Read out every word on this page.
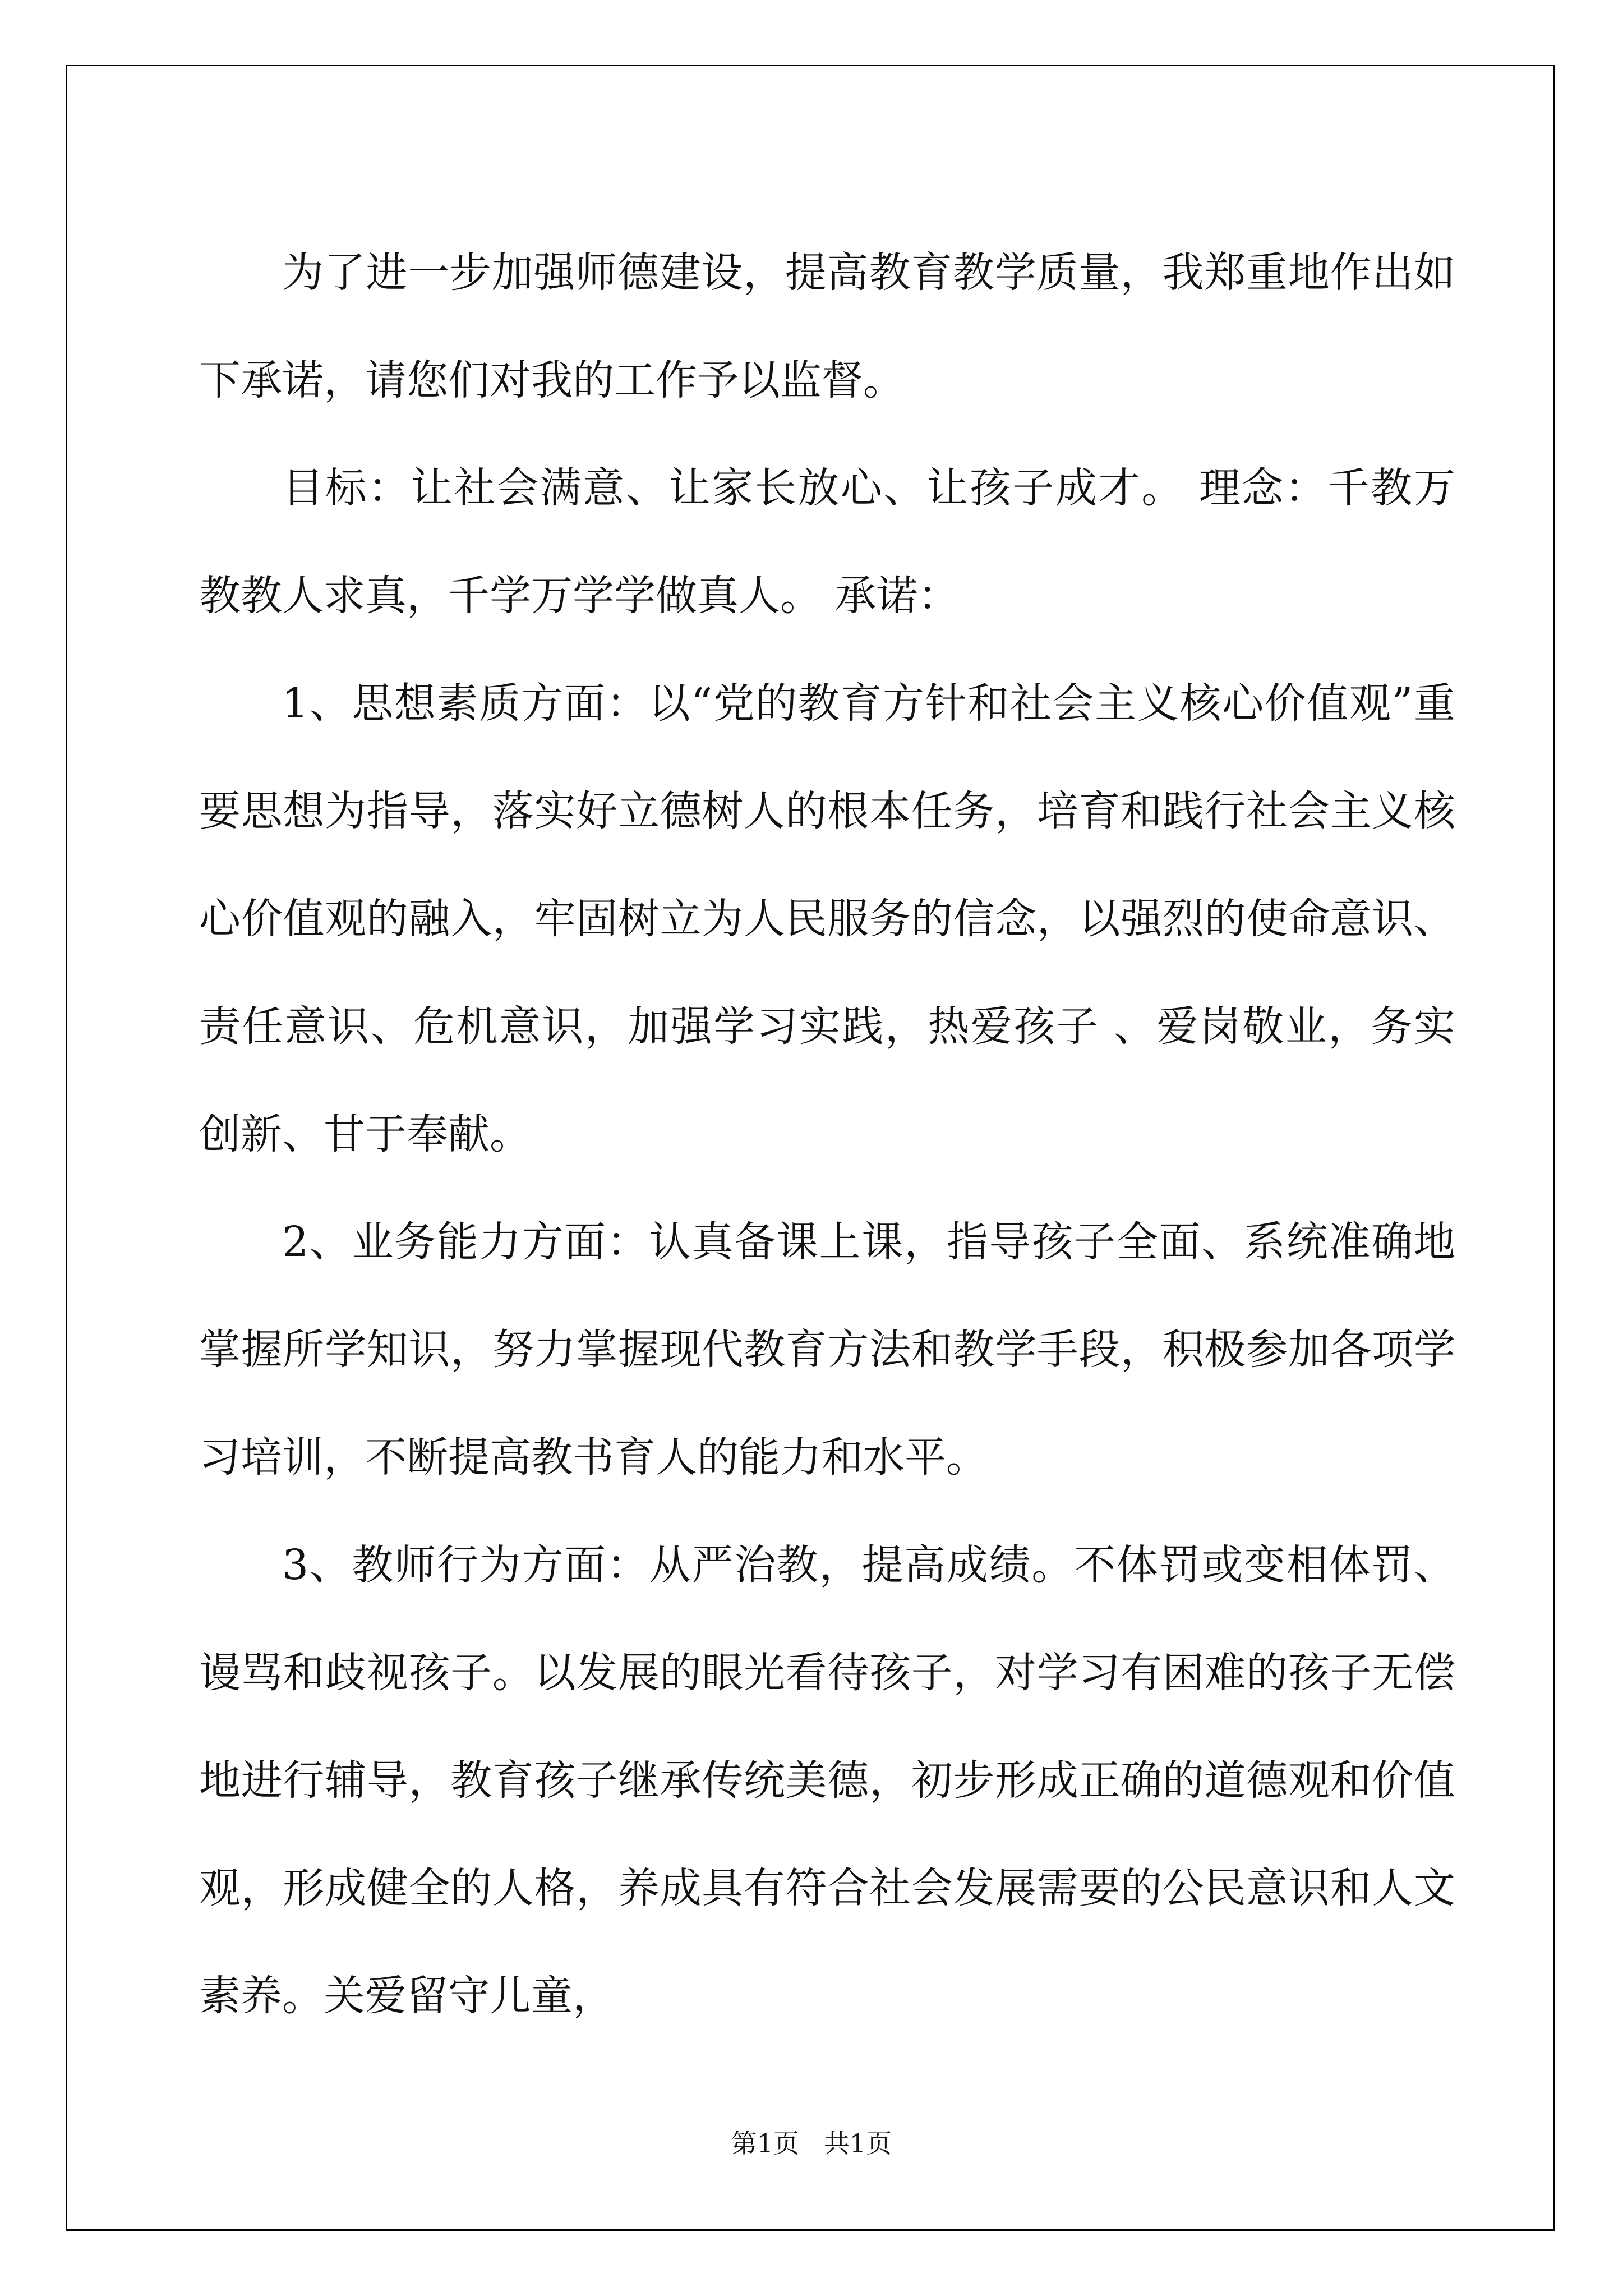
为了进一步加强师德建设，提高教育教学质量，我郑重地作出如下承诺，请您们对我的工作予以监督。

目标：让社会满意、让家长放心、让孩子成才。 理念：千教万教教人求真，千学万学学做真人。 承诺：

1、思想素质方面：以“党的教育方针和社会主义核心价值观”重要思想为指导，落实好立德树人的根本任务，培育和践行社会主义核心价值观的融入，牢固树立为人民服务的信念，以强烈的使命意识、责任意识、危机意识，加强学习实践，热爱孩子 、爱岗敬业，务实创新、甘于奉献。

2、业务能力方面：认真备课上课，指导孩子全面、系统准确地掌握所学知识，努力掌握现代教育方法和教学手段，积极参加各项学习培训，不断提高教书育人的能力和水平。

3、教师行为方面：从严治教，提高成绩。不体罚或变相体罚、谩骂和歧视孩子。以发展的眼光看待孩子，对学习有困难的孩子无偿地进行辅导，教育孩子继承传统美德，初步形成正确的道德观和价值观，形成健全的人格，养成具有符合社会发展需要的公民意识和人文素养。关爱留守儿童，

第1页   共1页
